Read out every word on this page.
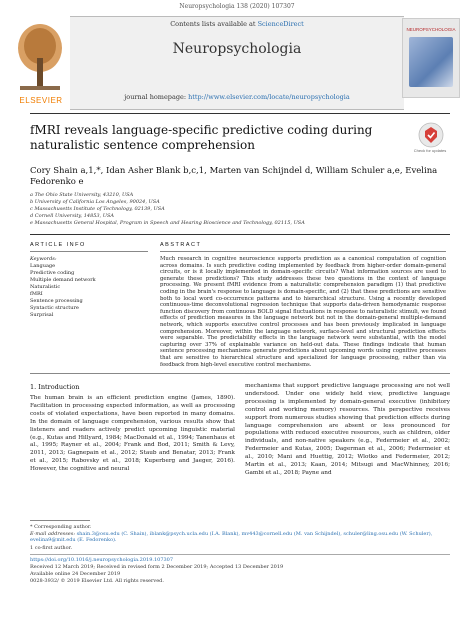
Neuropsychologia 138 (2020) 107307
Contents lists available at ScienceDirect
Neuropsychologia
journal homepage: http://www.elsevier.com/locate/neuropsychologia
ELSEVIER
NEUROPSYCHOLOGIA
fMRI reveals language-specific predictive coding during naturalistic sentence comprehension	Check for updates
Cory Shain a,1,*, Idan Asher Blank b,c,1, Marten van Schijndel d, William Schuler a,e, Evelina Fedorenko e
a The Ohio State University, 43210, USA
b University of California Los Angeles, 90024, USA
c Massachusetts Institute of Technology, 02139, USA
d Cornell University, 14853, USA
e Massachusetts General Hospital, Program in Speech and Hearing Bioscience and Technology, 02115, USA
ARTICLE INFO
Keywords:
Language
Predictive coding
Multiple demand network
Naturalistic
fMRI
Sentence processing
Syntactic structure
Surprisal
ABSTRACT
Much research in cognitive neuroscience supports prediction as a canonical computation of cognition across domains. Is such predictive coding implemented by feedback from higher-order domain-general circuits, or is it locally implemented in domain-specific circuits? What information sources are used to generate these predictions? This study addresses these two questions in the context of language processing. We present fMRI evidence from a naturalistic comprehension paradigm (1) that predictive coding in the brain's response to language is domain-specific, and (2) that these predictions are sensitive both to local word co-occurrence patterns and to hierarchical structure. Using a recently developed continuous-time deconvolutional regression technique that supports data-driven hemodynamic response function discovery from continuous BOLD signal fluctuations in response to naturalistic stimuli, we found effects of prediction measures in the language network but not in the domain-general multiple-demand network, which supports executive control processes and has been previously implicated in language comprehension. Moreover, within the language network, surface-level and structural prediction effects were separable. The predictability effects in the language network were substantial, with the model capturing over 37% of explainable variance on held-out data. These findings indicate that human sentence processing mechanisms generate predictions about upcoming words using cognitive processes that are sensitive to hierarchical structure and specialized for language processing, rather than via feedback from high-level executive control mechanisms.
1. Introduction
The human brain is an efficient prediction engine (James, 1890). Facilitation in processing expected information, as well as processing costs of violated expectations, have been reported in many domains. In the domain of language comprehension, various results show that listeners and readers actively predict upcoming linguistic material (e.g., Kutas and Hillyard, 1984; MacDonald et al., 1994; Tanenhaus et al., 1995; Rayner et al., 2004; Frank and Bod, 2011; Smith & Levy, 2011, 2013; Gagnepain et al., 2012; Staub and Benatar, 2013; Frank et al., 2015; Rabovsky et al., 2018; Kuperberg and Jaeger, 2016). However, the cognitive and neural
mechanisms that support predictive language processing are not well understood. Under one widely held view, predictive language processing is implemented by domain-general executive (inhibitory control and working memory) resources. This perspective receives support from numerous studies showing that prediction effects during language comprehension are absent or less pronounced for populations with reduced executive resources, such as children, older individuals, and non-native speakers (e.g., Federmeier et al., 2002; Federmeier and Kutas, 2005; Dagerman et al., 2006; Federmeier et al., 2010; Mani and Huettig, 2012; Wlotko and Federmeier, 2012; Martin et al., 2013; Kaan, 2014; Mitsugi and MacWhinney, 2016; Gambi et al., 2018; Payne and
* Corresponding author.
E-mail addresses: shain.3@osu.edu (C. Shain), iblank@psych.ucla.edu (I.A. Blank), mv443@cornell.edu (M. van Schijndel), schuler@ling.osu.edu (W. Schuler), evelina9@mit.edu (E. Fedorenko).
1 co-first author.
https://doi.org/10.1016/j.neuropsychologia.2019.107307
Received 12 March 2019; Received in revised form 2 December 2019; Accepted 13 December 2019
Available online 24 December 2019
0028-3932/ © 2019 Elsevier Ltd. All rights reserved.
